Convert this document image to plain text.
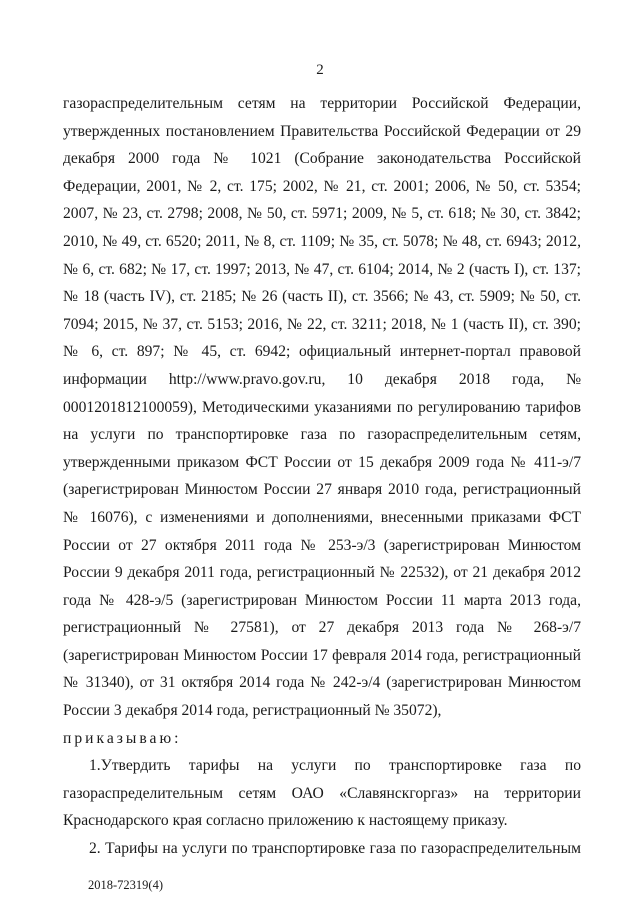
2

газораспределительным сетям на территории Российской Федерации, утвержденных постановлением Правительства Российской Федерации от 29 декабря 2000 года № 1021 (Собрание законодательства Российской Федерации, 2001, № 2, ст. 175; 2002, № 21, ст. 2001; 2006, № 50, ст. 5354; 2007, № 23, ст. 2798; 2008, № 50, ст. 5971; 2009, № 5, ст. 618; № 30, ст. 3842; 2010, № 49, ст. 6520; 2011, № 8, ст. 1109; № 35, ст. 5078; № 48, ст. 6943; 2012, № 6, ст. 682; № 17, ст. 1997; 2013, № 47, ст. 6104; 2014, № 2 (часть I), ст. 137; № 18 (часть IV), ст. 2185; № 26 (часть II), ст. 3566; № 43, ст. 5909; № 50, ст. 7094; 2015, № 37, ст. 5153; 2016, № 22, ст. 3211; 2018, № 1 (часть II), ст. 390; № 6, ст. 897; № 45, ст. 6942; официальный интернет-портал правовой информации http://www.pravo.gov.ru, 10 декабря 2018 года, № 0001201812100059), Методическими указаниями по регулированию тарифов на услуги по транспортировке газа по газораспределительным сетям, утвержденными приказом ФСТ России от 15 декабря 2009 года № 411-э/7 (зарегистрирован Минюстом России 27 января 2010 года, регистрационный № 16076), с изменениями и дополнениями, внесенными приказами ФСТ России от 27 октября 2011 года № 253-э/3 (зарегистрирован Минюстом России 9 декабря 2011 года, регистрационный № 22532), от 21 декабря 2012 года № 428-э/5 (зарегистрирован Минюстом России 11 марта 2013 года, регистрационный № 27581), от 27 декабря 2013 года № 268-э/7 (зарегистрирован Минюстом России 17 февраля 2014 года, регистрационный № 31340), от 31 октября 2014 года № 242-э/4 (зарегистрирован Минюстом России 3 декабря 2014 года, регистрационный № 35072),

приказываю:

1.Утвердить тарифы на услуги по транспортировке газа по газораспределительным сетям ОАО «Славянскгоргаз» на территории Краснодарского края согласно приложению к настоящему приказу.

2. Тарифы на услуги по транспортировке газа по газораспределительным

2018-72319(4)
